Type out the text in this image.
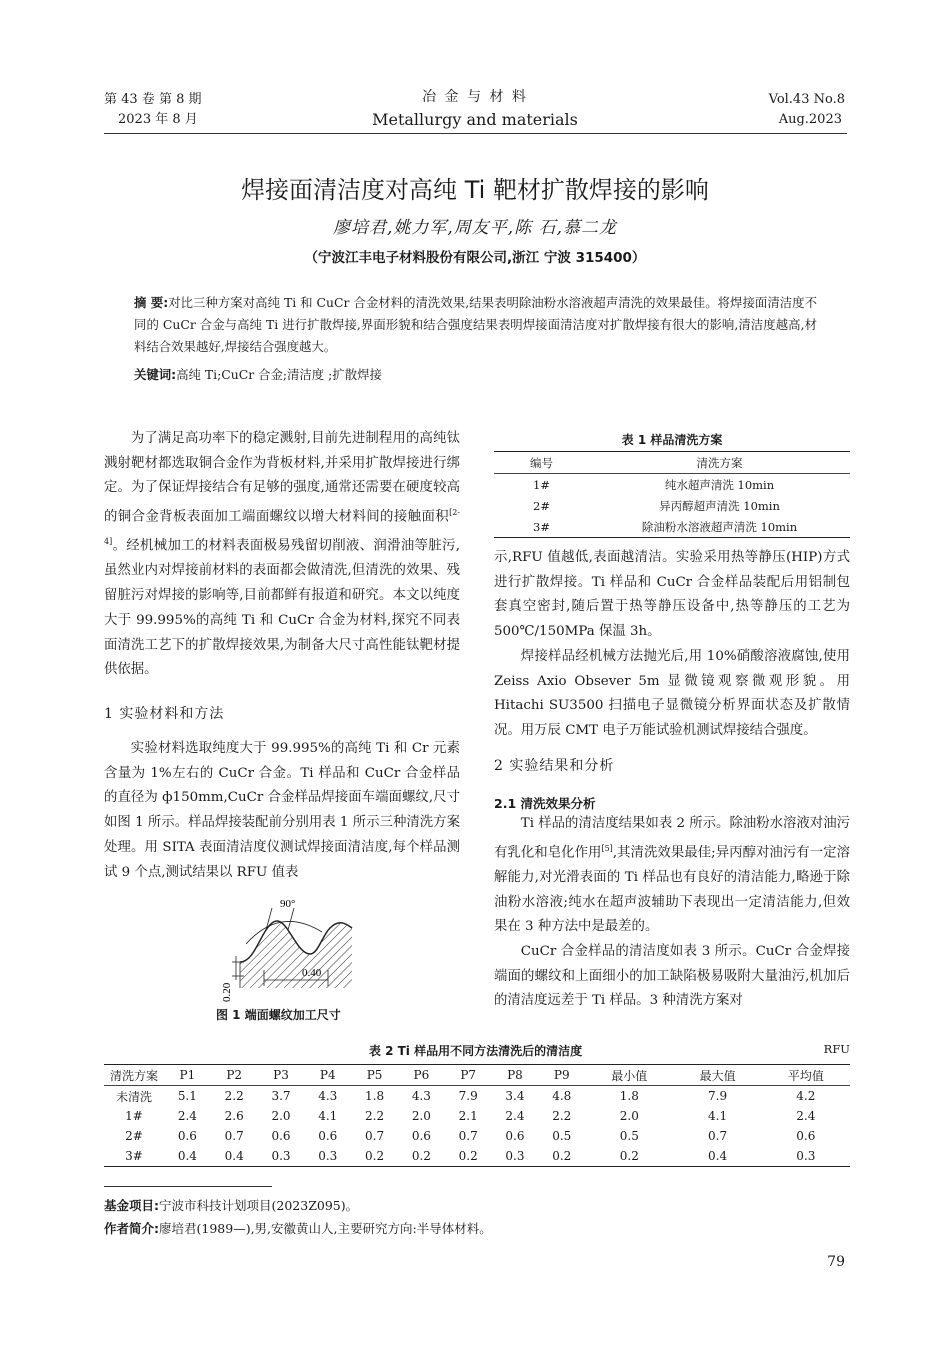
第 43 卷 第 8 期
2023 年 8 月
冶 金 与 材 料
Metallurgy and materials
Vol.43 No.8
Aug.2023
焊接面清洁度对高纯 Ti 靶材扩散焊接的影响
廖培君,姚力军,周友平,陈 石,慕二龙
（宁波江丰电子材料股份有限公司,浙江 宁波 315400）
摘 要:对比三种方案对高纯 Ti 和 CuCr 合金材料的清洗效果,结果表明除油粉水溶液超声清洗的效果最佳。将焊接面清洁度不同的 CuCr 合金与高纯 Ti 进行扩散焊接,界面形貌和结合强度结果表明焊接面清洁度对扩散焊接有很大的影响,清洁度越高,材料结合效果越好,焊接结合强度越大。
关键词:高纯 Ti;CuCr 合金;清洁度 ;扩散焊接

为了满足高功率下的稳定溅射,目前先进制程用的高纯钛溅射靶材都选取铜合金作为背板材料,并采用扩散焊接进行绑定。为了保证焊接结合有足够的强度,通常还需要在硬度较高的铜合金背板表面加工端面螺纹以增大材料间的接触面积[2-4]。经机械加工的材料表面极易残留切削液、润滑油等脏污,虽然业内对焊接前材料的表面都会做清洗,但清洗的效果、残留脏污对焊接的影响等,目前都鲜有报道和研究。本文以纯度大于 99.995%的高纯 Ti 和 CuCr 合金为材料,探究不同表面清洗工艺下的扩散焊接效果,为制备大尺寸高性能钛靶材提供依据。

1 实验材料和方法

实验材料选取纯度大于 99.995%的高纯 Ti 和 Cr 元素含量为 1%左右的 CuCr 合金。Ti 样品和 CuCr 合金样品的直径为 ф150mm,CuCr 合金样品焊接面车端面螺纹,尺寸如图 1 所示。样品焊接装配前分别用表 1 所示三种清洗方案处理。用 SITA 表面清洁度仪测试焊接面清洁度,每个样品测试 9 个点,测试结果以 RFU 值表

90°
0.40
0.20
图 1 端面螺纹加工尺寸
表 1 样品清洗方案
编号	清洗方案
1#	纯水超声清洗 10min
2#	异丙醇超声清洗 10min
3#	除油粉水溶液超声清洗 10min

示,RFU 值越低,表面越清洁。实验采用热等静压(HIP)方式进行扩散焊接。Ti 样品和 CuCr 合金样品装配后用铝制包套真空密封,随后置于热等静压设备中,热等静压的工艺为 500℃/150MPa 保温 3h。

焊接样品经机械方法抛光后,用 10%硝酸溶液腐蚀,使用 Zeiss Axio Obsever 5m 显微镜观察微观形貌。用 Hitachi SU3500 扫描电子显微镜分析界面状态及扩散情况。用万辰 CMT 电子万能试验机测试焊接结合强度。

2 实验结果和分析
2.1 清洗效果分析

Ti 样品的清洁度结果如表 2 所示。除油粉水溶液对油污有乳化和皂化作用[5],其清洗效果最佳;异丙醇对油污有一定溶解能力,对光滑表面的 Ti 样品也有良好的清洁能力,略逊于除油粉水溶液;纯水在超声波辅助下表现出一定清洁能力,但效果在 3 种方法中是最差的。

CuCr 合金样品的清洁度如表 3 所示。CuCr 合金焊接端面的螺纹和上面细小的加工缺陷极易吸附大量油污,机加后的清洁度远差于 Ti 样品。3 种清洗方案对

表 2 Ti 样品用不同方法清洗后的清洁度	RFU
清洗方案	P1	P2	P3	P4	P5	P6	P7	P8	P9	最小值	最大值	平均值
未清洗	5.1	2.2	3.7	4.3	1.8	4.3	7.9	3.4	4.8	1.8	7.9	4.2
1#	2.4	2.6	2.0	4.1	2.2	2.0	2.1	2.4	2.2	2.0	4.1	2.4
2#	0.6	0.7	0.6	0.6	0.7	0.6	0.7	0.6	0.5	0.5	0.7	0.6
3#	0.4	0.4	0.3	0.3	0.2	0.2	0.2	0.3	0.2	0.2	0.4	0.3
基金项目:宁波市科技计划项目(2023Z095)。
作者简介:廖培君(1989—),男,安徽黄山人,主要研究方向:半导体材料。
79
